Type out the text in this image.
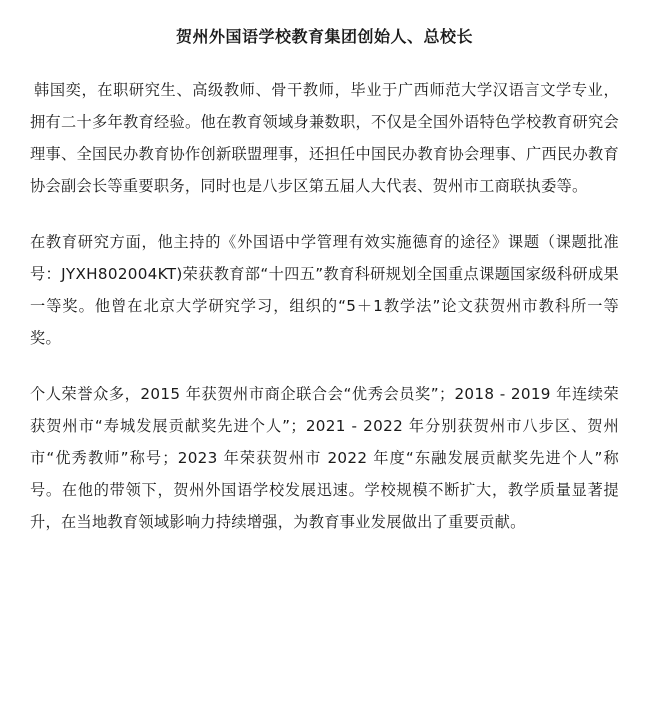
贺州外国语学校教育集团创始人、总校长

韩国奕，在职研究生、高级教师、骨干教师，毕业于广西师范大学汉语言文学专业，拥有二十多年教育经验。他在教育领域身兼数职，不仅是全国外语特色学校教育研究会理事、全国民办教育协作创新联盟理事，还担任中国民办教育协会理事、广西民办教育协会副会长等重要职务，同时也是八步区第五届人大代表、贺州市工商联执委等。

在教育研究方面，他主持的《外国语中学管理有效实施德育的途径》课题（课题批准号：JYXH802004KT)荣获教育部“十四五”教育科研规划全国重点课题国家级科研成果一等奖。他曾在北京大学研究学习，组织的“5＋1教学法”论文获贺州市教科所一等奖。

个人荣誉众多，2015 年获贺州市商企联合会“优秀会员奖”；2018 - 2019 年连续荣获贺州市“寿城发展贡献奖先进个人”；2021 - 2022 年分别获贺州市八步区、贺州市“优秀教师”称号；2023 年荣获贺州市 2022 年度“东融发展贡献奖先进个人”称号。在他的带领下，贺州外国语学校发展迅速。学校规模不断扩大，教学质量显著提升，在当地教育领域影响力持续增强，为教育事业发展做出了重要贡献。
